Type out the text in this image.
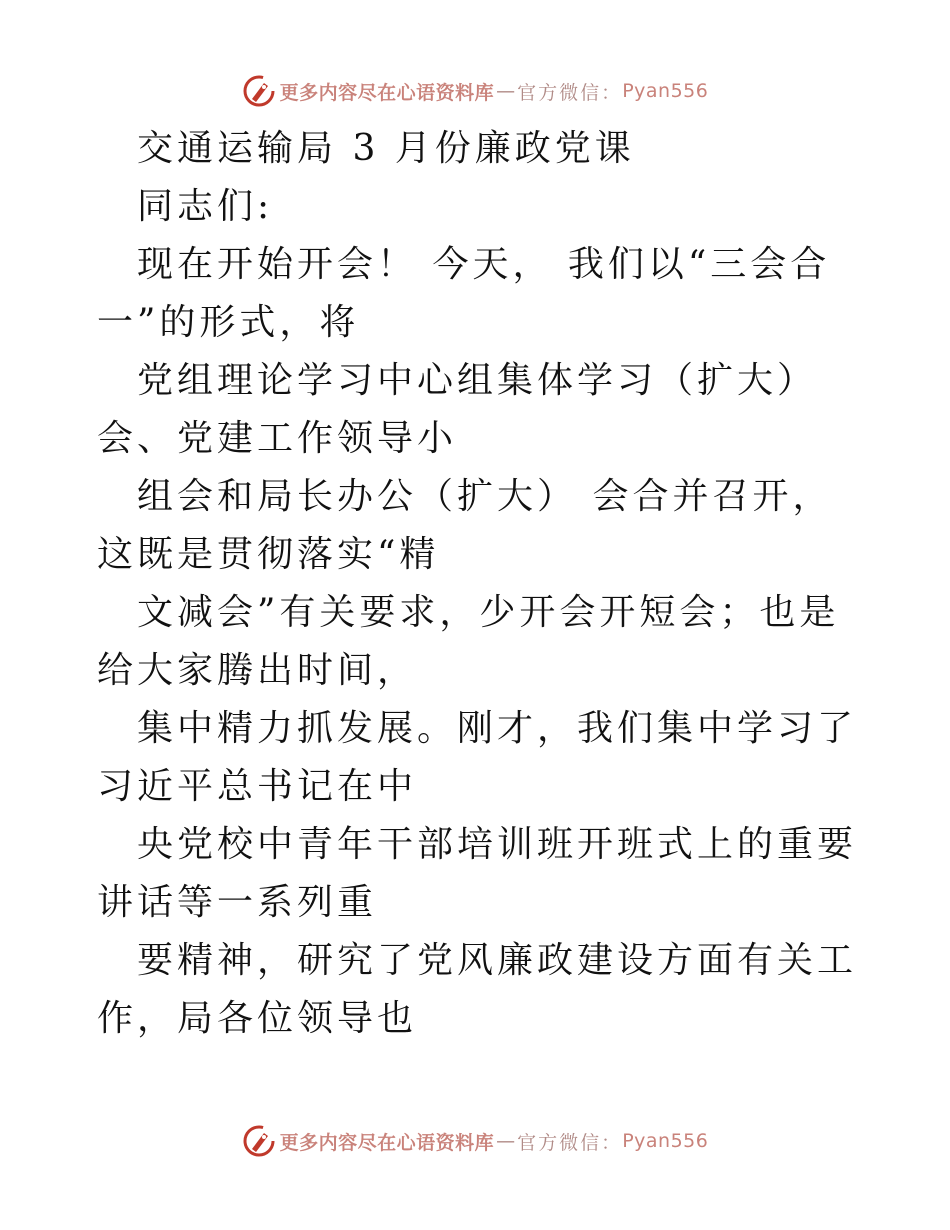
更多内容尽在心语资料库 — 官方微信： Pyan556

交通运输局 3 月份廉政党课

同志们:

现在开始开会！ 今天， 我们以“三会合一”的形式，将

党组理论学习中心组集体学习（扩大） 会、党建工作领导小

组会和局长办公（扩大） 会合并召开， 这既是贯彻落实“精

文减会”有关要求，少开会开短会；也是给大家腾出时间，

集中精力抓发展。刚才，我们集中学习了习近平总书记在中

央党校中青年干部培训班开班式上的重要讲话等一系列重

要精神，研究了党风廉政建设方面有关工作，局各位领导也

更多内容尽在心语资料库 — 官方微信： Pyan556
